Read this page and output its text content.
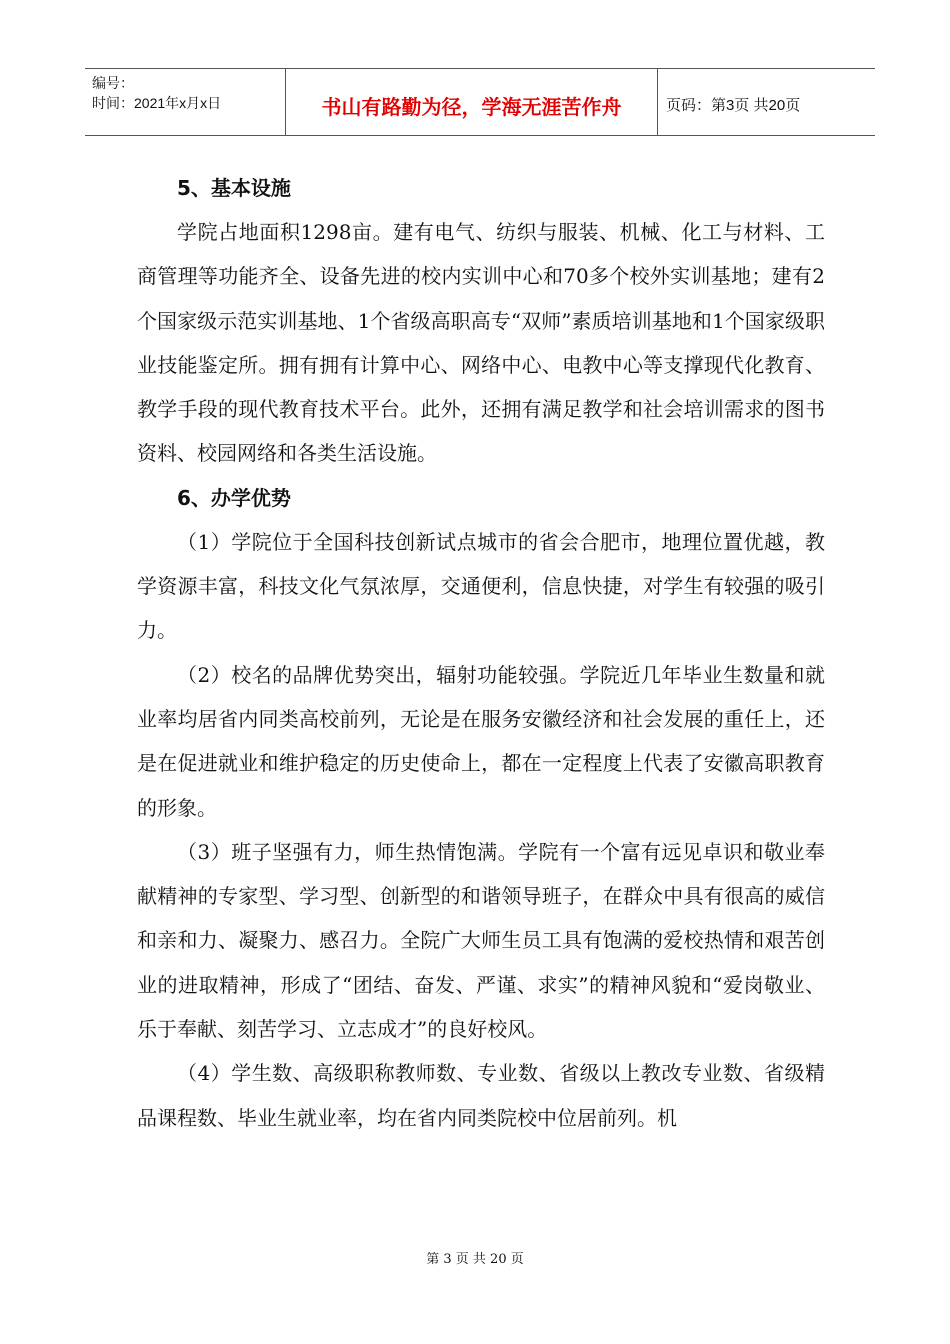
编号：
时间：2021年x月x日	书山有路勤为径，学海无涯苦作舟	页码：第3页 共20页
5、基本设施

学院占地面积1298亩。建有电气、纺织与服装、机械、化工与材料、工商管理等功能齐全、设备先进的校内实训中心和70多个校外实训基地；建有2个国家级示范实训基地、1个省级高职高专“双师”素质培训基地和1个国家级职业技能鉴定所。拥有拥有计算中心、网络中心、电教中心等支撑现代化教育、教学手段的现代教育技术平台。此外，还拥有满足教学和社会培训需求的图书资料、校园网络和各类生活设施。

6、办学优势

（1）学院位于全国科技创新试点城市的省会合肥市，地理位置优越，教学资源丰富，科技文化气氛浓厚，交通便利，信息快捷，对学生有较强的吸引力。

（2）校名的品牌优势突出，辐射功能较强。学院近几年毕业生数量和就业率均居省内同类高校前列，无论是在服务安徽经济和社会发展的重任上，还是在促进就业和维护稳定的历史使命上，都在一定程度上代表了安徽高职教育的形象。

（3）班子坚强有力，师生热情饱满。学院有一个富有远见卓识和敬业奉献精神的专家型、学习型、创新型的和谐领导班子，在群众中具有很高的威信和亲和力、凝聚力、感召力。全院广大师生员工具有饱满的爱校热情和艰苦创业的进取精神，形成了“团结、奋发、严谨、求实”的精神风貌和“爱岗敬业、乐于奉献、刻苦学习、立志成才”的良好校风。

（4）学生数、高级职称教师数、专业数、省级以上教改专业数、省级精品课程数、毕业生就业率，均在省内同类院校中位居前列。机

第 3 页 共 20 页
